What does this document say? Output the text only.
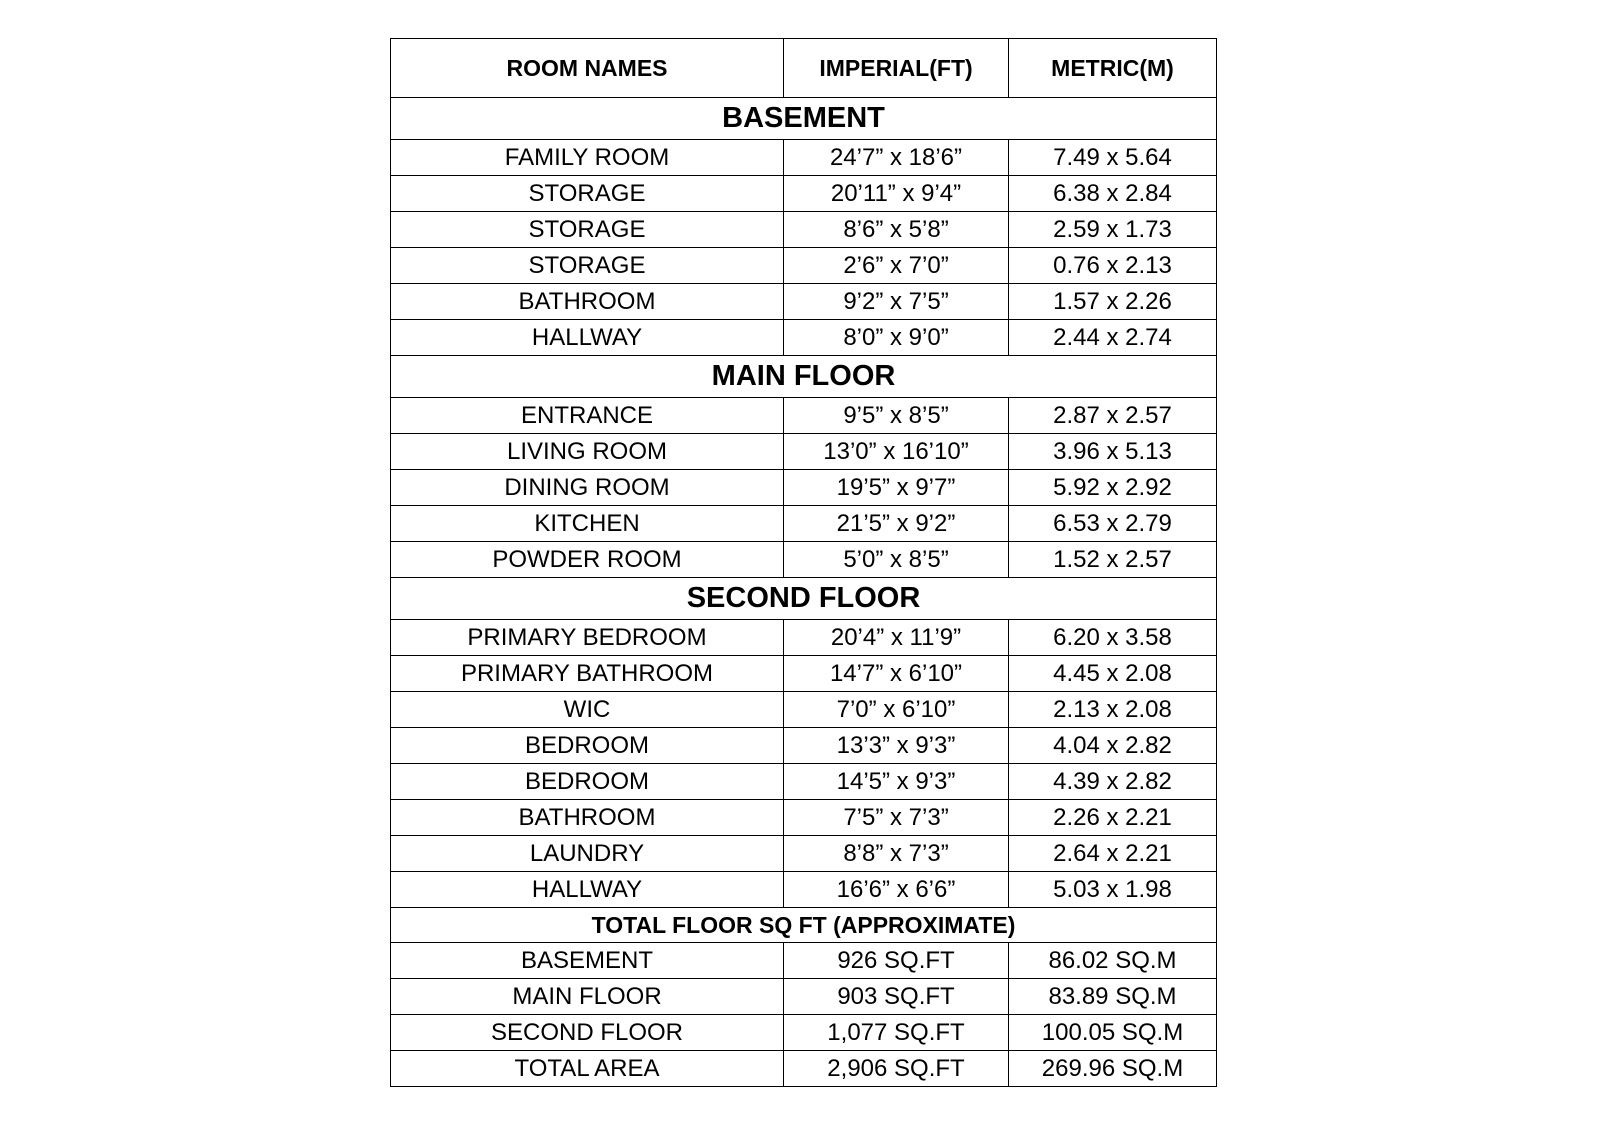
ROOM NAMES	IMPERIAL(FT)	METRIC(M)
BASEMENT		
FAMILY ROOM	24’7” x 18’6”	7.49 x 5.64
STORAGE	20’11” x 9’4”	6.38 x 2.84
STORAGE	8’6” x 5’8”	2.59 x 1.73
STORAGE	2’6” x 7’0”	0.76 x 2.13
BATHROOM	9’2” x 7’5”	1.57 x 2.26
HALLWAY	8’0” x 9’0”	2.44 x 2.74
MAIN FLOOR		
ENTRANCE	9’5” x 8’5”	2.87 x 2.57
LIVING ROOM	13’0” x 16’10”	3.96 x 5.13
DINING ROOM	19’5” x 9’7”	5.92 x 2.92
KITCHEN	21’5” x 9’2”	6.53 x 2.79
POWDER ROOM	5’0” x 8’5”	1.52 x 2.57
SECOND FLOOR		
PRIMARY BEDROOM	20’4” x 11’9”	6.20 x 3.58
PRIMARY BATHROOM	14’7” x 6’10”	4.45 x 2.08
WIC	7’0” x 6’10”	2.13 x 2.08
BEDROOM	13’3” x 9’3”	4.04 x 2.82
BEDROOM	14’5” x 9’3”	4.39 x 2.82
BATHROOM	7’5” x 7’3”	2.26 x 2.21
LAUNDRY	8’8” x 7’3”	2.64 x 2.21
HALLWAY	16’6” x 6’6”	5.03 x 1.98
TOTAL FLOOR SQ FT (APPROXIMATE)		
BASEMENT	926 SQ.FT	86.02 SQ.M
MAIN FLOOR	903 SQ.FT	83.89 SQ.M
SECOND FLOOR	1,077 SQ.FT	100.05 SQ.M
TOTAL AREA	2,906 SQ.FT	269.96 SQ.M
